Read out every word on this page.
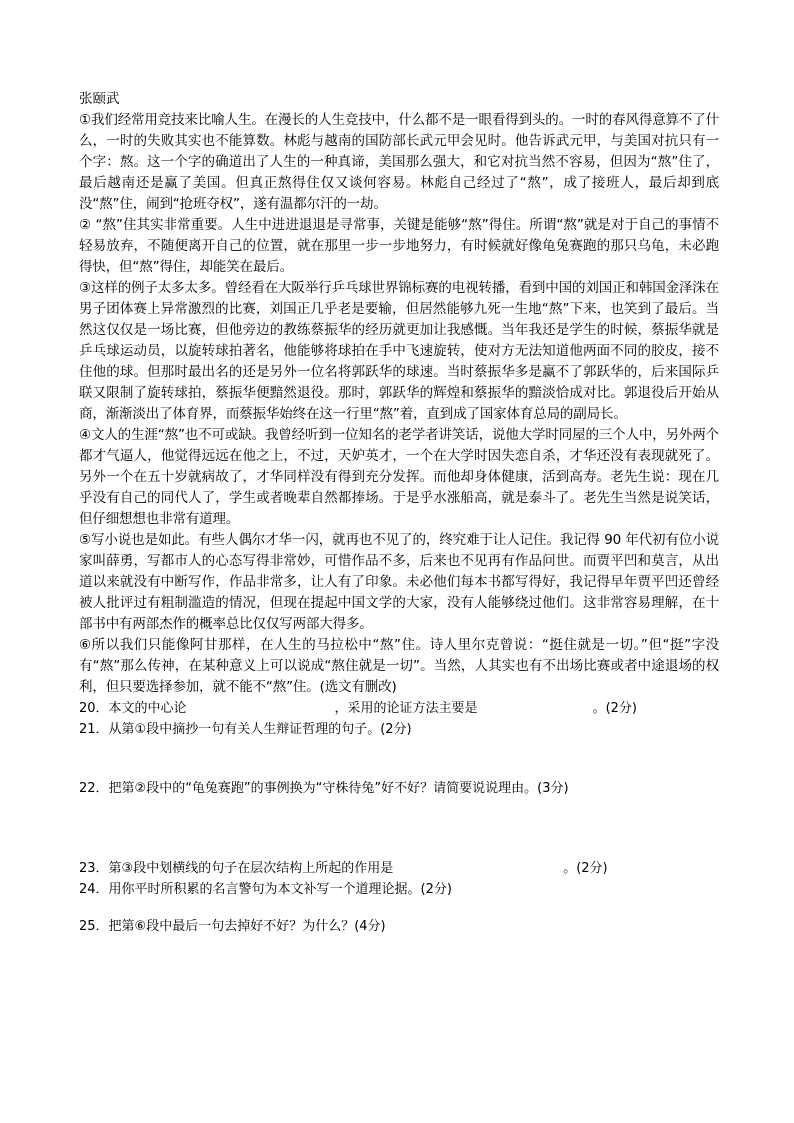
张颐武

①我们经常用竞技来比喻人生。在漫长的人生竞技中，什么都不是一眼看得到头的。一时的春风得意算不了什么，一时的失败其实也不能算数。林彪与越南的国防部长武元甲会见时。他告诉武元甲，与美国对抗只有一个字：熬。这一个字的确道出了人生的一种真谛，美国那么强大，和它对抗当然不容易，但因为“熬”住了，最后越南还是赢了美国。但真正熬得住仅又谈何容易。林彪自己经过了“熬”，成了接班人，最后却到底没“熬”住，闹到“抢班夺权”，遂有温都尔汗的一劫。

② “熬”住其实非常重要。人生中进进退退是寻常事，关键是能够“熬”得住。所谓“熬”就是对于自己的事情不轻易放弃，不随便离开自己的位置，就在那里一步一步地努力，有时候就好像龟兔赛跑的那只乌龟，未必跑得快，但“熬”得住，却能笑在最后。

③这样的例子太多太多。曾经看在大阪举行乒乓球世界锦标赛的电视转播，看到中国的刘国正和韩国金泽洙在男子团体赛上异常激烈的比赛，刘国正几乎老是要输，但居然能够九死一生地“熬”下来，也笑到了最后。当然这仅仅是一场比赛，但他旁边的教练蔡振华的经历就更加让我感慨。当年我还是学生的时候，蔡振华就是乒乓球运动员，以旋转球拍著名，他能够将球拍在手中飞速旋转，使对方无法知道他两面不同的胶皮，接不住他的球。但那时最出名的还是另外一位名将郭跃华的球速。当时蔡振华多是赢不了郭跃华的，后来国际乒联又限制了旋转球拍，蔡振华便黯然退役。那时，郭跃华的辉煌和蔡振华的黯淡恰成对比。郭退役后开始从商，渐渐淡出了体育界，而蔡振华始终在这一行里“熬”着，直到成了国家体育总局的副局长。

④文人的生涯“熬”也不可或缺。我曾经听到一位知名的老学者讲笑话，说他大学时同屋的三个人中，另外两个都才气逼人，他觉得远远在他之上，不过，天妒英才，一个在大学时因失恋自杀，才华还没有表现就死了。另外一个在五十岁就病故了，才华同样没有得到充分发挥。而他却身体健康，活到高寿。老先生说：现在几乎没有自己的同代人了，学生或者晚辈自然都捧场。于是乎水涨船高，就是泰斗了。老先生当然是说笑话，但仔细想想也非常有道理。

⑤写小说也是如此。有些人偶尔才华一闪，就再也不见了的，终究难于让人记住。我记得 90 年代初有位小说家叫薛勇，写都市人的心态写得非常妙，可惜作品不多，后来也不见再有作品问世。而贾平凹和莫言，从出道以来就没有中断写作，作品非常多，让人有了印象。未必他们每本书都写得好，我记得早年贾平凹还曾经被人批评过有粗制滥造的情况，但现在提起中国文学的大家，没有人能够绕过他们。这非常容易理解，在十部书中有两部杰作的概率总比仅仅写两部大得多。

⑥所以我们只能像阿甘那样，在人生的马拉松中“熬”住。诗人里尔克曾说：“挺住就是一切。”但“挺”字没有“熬”那么传神，在某种意义上可以说成“熬住就是一切”。当然，人其实也有不出场比赛或者中途退场的权利，但只要选择参加，就不能不“熬”住。(选文有删改)

20．本文的中心论	，采用的论证方法主要是	。(2分)
21．从第①段中摘抄一句有关人生辩证哲理的句子。(2分)
22．把第②段中的“龟兔赛跑”的事例换为“守株待兔”好不好？请简要说说理由。(3分)
23．第③段中划横线的句子在层次结构上所起的作用是	。(2分)
24．用你平时所积累的名言警句为本文补写一个道理论据。(2分)
25．把第⑥段中最后一句去掉好不好？为什么？(4分)
